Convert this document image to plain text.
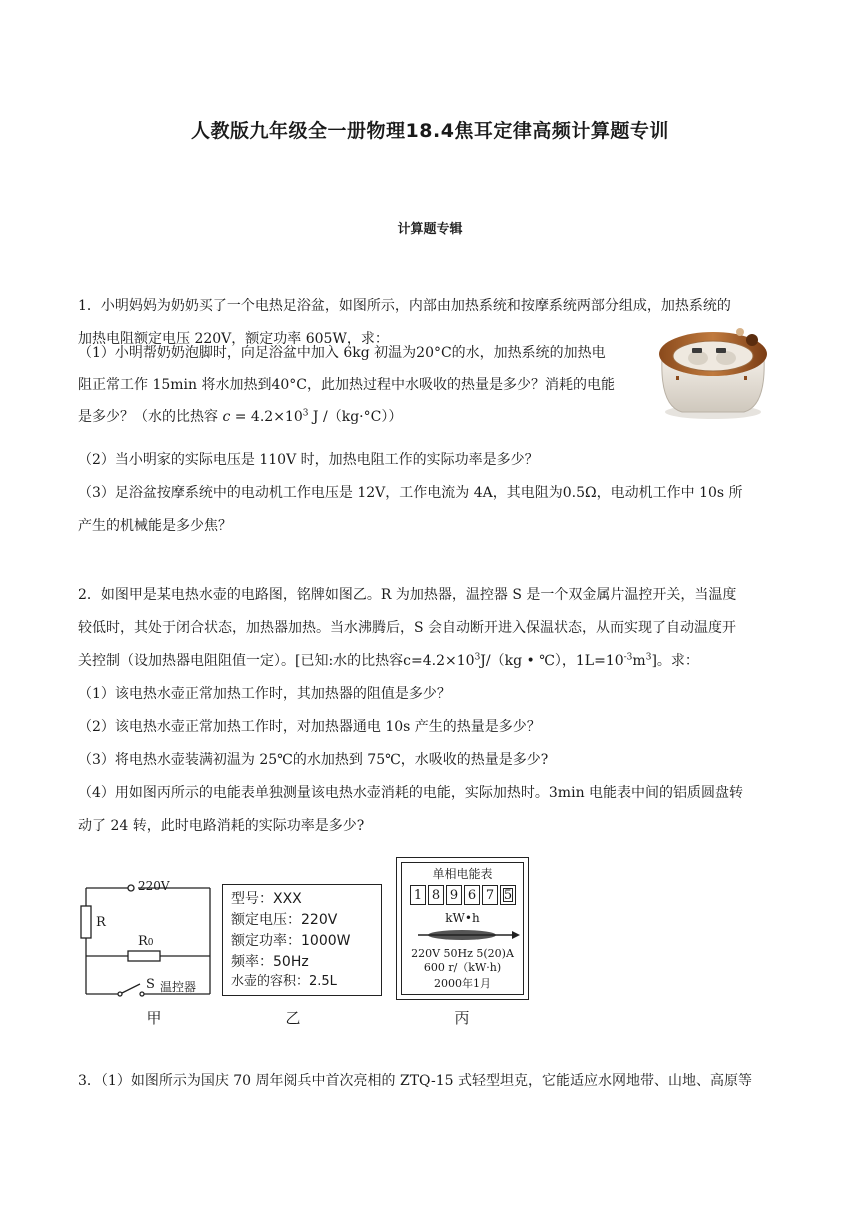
人教版九年级全一册物理18.4焦耳定律高频计算题专训
计算题专辑
1．小明妈妈为奶奶买了一个电热足浴盆，如图所示，内部由加热系统和按摩系统两部分组成，加热系统的
加热电阻额定电压 220V，额定功率 605W，求：
（1）小明帮奶奶泡脚时，向足浴盆中加入 6kg 初温为20°C的水，加热系统的加热电
阻正常工作 15min 将水加热到40°C，此加热过程中水吸收的热量是多少？消耗的电能
是多少？（水的比热容 $c = 4.2\times 10^3$ J /（kg·°C））
（2）当小明家的实际电压是 110V 时，加热电阻工作的实际功率是多少？
（3）足浴盆按摩系统中的电动机工作电压是 12V，工作电流为 4A，其电阻为0.5Ω，电动机工作中 10s 所
产生的机械能是多少焦？
2．如图甲是某电热水壶的电路图，铭牌如图乙。R 为加热器，温控器 S 是一个双金属片温控开关，当温度
较低时，其处于闭合状态，加热器加热。当水沸腾后，S 会自动断开进入保温状态，从而实现了自动温度开
关控制（设加热器电阻阻值一定）。[已知:水的比热容$c=4.2\times 10^3J/(kg$ • ℃），$1L=10^{-3}m^3$]。求：
（1）该电热水壶正常加热工作时，其加热器的阻值是多少？
（2）该电热水壶正常加热工作时，对加热器通电 10s 产生的热量是多少？
（3）将电热水壶装满初温为 25℃的水加热到 75℃，水吸收的热量是多少?
（4）用如图丙所示的电能表单独测量该电热水壶消耗的电能，实际加热时。3min 电能表中间的铝质圆盘转
动了 24 转，此时电路消耗的实际功率是多少?
220V
R
R0
S 温控器
甲
型号：XXX
额定电压：220V
额定功率：1000W
频率：50Hz
水壶的容积：2.5L
乙
单相电能表
1 8 9 6 7 5
kW•h
220V 50Hz 5(20)A
600 r/（kW·h)
2000年1月
丙
3．（1）如图所示为国庆 70 周年阅兵中首次亮相的 ZTQ-15 式轻型坦克，它能适应水网地带、山地、高原等
